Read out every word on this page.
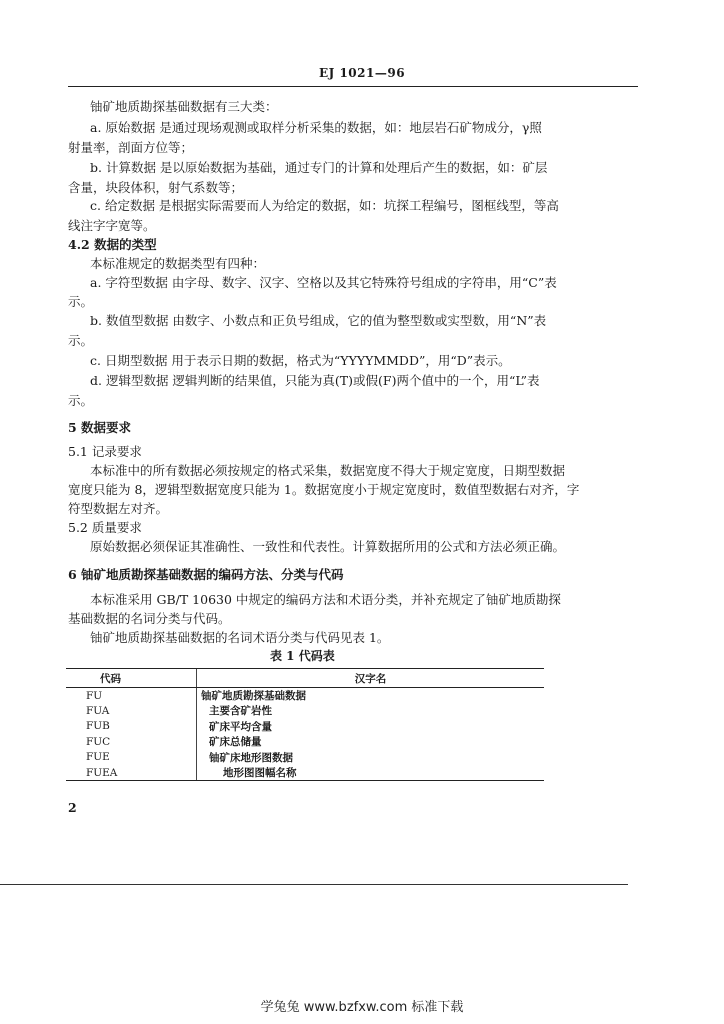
EJ 1021—96
铀矿地质勘探基础数据有三大类：
a. 原始数据 是通过现场观测或取样分析采集的数据，如：地层岩石矿物成分，γ照
射量率，剖面方位等；
b. 计算数据 是以原始数据为基础，通过专门的计算和处理后产生的数据，如：矿层
含量，块段体积，射气系数等；
c. 给定数据 是根据实际需要而人为给定的数据，如：坑探工程编号，图框线型，等高
线注字字宽等。
4.2 数据的类型
本标准规定的数据类型有四种：
a. 字符型数据 由字母、数字、汉字、空格以及其它特殊符号组成的字符串，用“C”表
示。
b. 数值型数据 由数字、小数点和正负号组成，它的值为整型数或实型数，用“N”表
示。
c. 日期型数据 用于表示日期的数据，格式为“YYYYMMDD”，用“D”表示。
d. 逻辑型数据 逻辑判断的结果值，只能为真(T)或假(F)两个值中的一个，用“L”表
示。
5 数据要求
5.1 记录要求
本标准中的所有数据必须按规定的格式采集，数据宽度不得大于规定宽度，日期型数据
宽度只能为 8，逻辑型数据宽度只能为 1。数据宽度小于规定宽度时，数值型数据右对齐，字
符型数据左对齐。
5.2 质量要求
原始数据必须保证其准确性、一致性和代表性。计算数据所用的公式和方法必须正确。
6 铀矿地质勘探基础数据的编码方法、分类与代码
本标准采用 GB/T 10630 中规定的编码方法和术语分类，并补充规定了铀矿地质勘探
基础数据的名词分类与代码。
铀矿地质勘探基础数据的名词术语分类与代码见表 1。
表 1 代码表
代码	汉字名
FU	铀矿地质勘探基础数据
FUA	主要含矿岩性
FUB	矿床平均含量
FUC	矿床总储量
FUE	铀矿床地形图数据
FUEA	地形图图幅名称
2
学兔兔 www.bzfxw.com 标准下载
